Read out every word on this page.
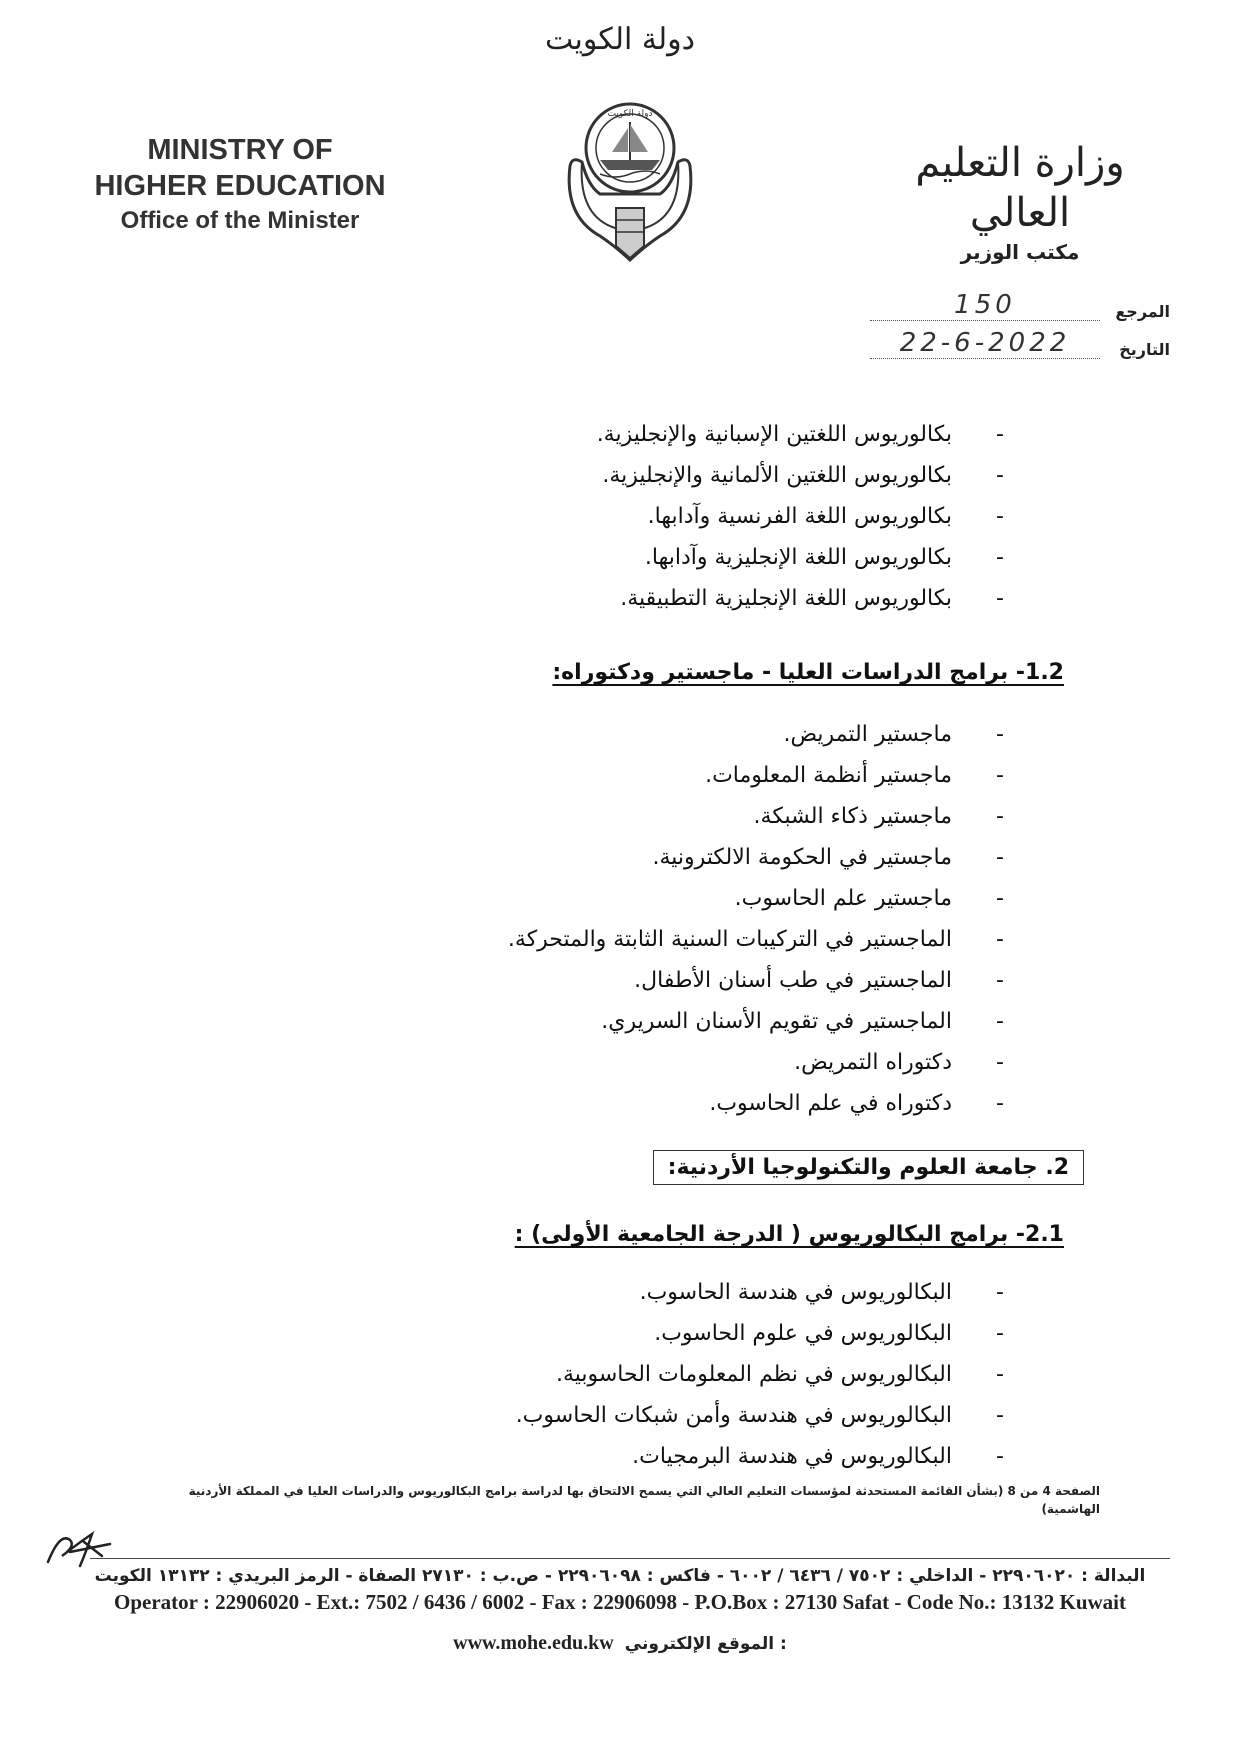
دولة الكويت
MINISTRY OF
HIGHER EDUCATION
Office of the Minister
دولة الكويت
وزارة التعليم العالي
مكتب الوزير
المرجع
150
التاريخ
22-6-2022
- بكالوريوس اللغتين الإسبانية والإنجليزية.
- بكالوريوس اللغتين الألمانية والإنجليزية.
- بكالوريوس اللغة الفرنسية وآدابها.
- بكالوريوس اللغة الإنجليزية وآدابها.
- بكالوريوس اللغة الإنجليزية التطبيقية.
1.2- برامج الدراسات العليا - ماجستير ودكتوراه:
- ماجستير التمريض.
- ماجستير أنظمة المعلومات.
- ماجستير ذكاء الشبكة.
- ماجستير في الحكومة الالكترونية.
- ماجستير علم الحاسوب.
- الماجستير في التركيبات السنية الثابتة والمتحركة.
- الماجستير في طب أسنان الأطفال.
- الماجستير في تقويم الأسنان السريري.
- دكتوراه التمريض.
- دكتوراه في علم الحاسوب.
2. جامعة العلوم والتكنولوجيا الأردنية:
2.1- برامج البكالوريوس ( الدرجة الجامعية الأولى) :
- البكالوريوس في هندسة الحاسوب.
- البكالوريوس في علوم الحاسوب.
- البكالوريوس في نظم المعلومات الحاسوبية.
- البكالوريوس في هندسة وأمن شبكات الحاسوب.
- البكالوريوس في هندسة البرمجيات.
الصفحة 4 من 8 (بشأن القائمة المستحدثة لمؤسسات التعليم العالي التي يسمح الالتحاق بها لدراسة برامج البكالوريوس والدراسات العليا في المملكة الأردنية الهاشمية)
البدالة : ٢٢٩٠٦٠٢٠ - الداخلي : ٧٥٠٢ / ٦٤٣٦ / ٦٠٠٢ - فاكس : ٢٢٩٠٦٠٩٨ - ص.ب : ٢٧١٣٠ الصفاة - الرمز البريدي : ١٣١٣٢ الكويت
Operator : 22906020 - Ext.: 7502 / 6436 / 6002 - Fax : 22906098 - P.O.Box : 27130 Safat - Code No.: 13132 Kuwait
www.mohe.edu.kw : الموقع الإلكتروني
